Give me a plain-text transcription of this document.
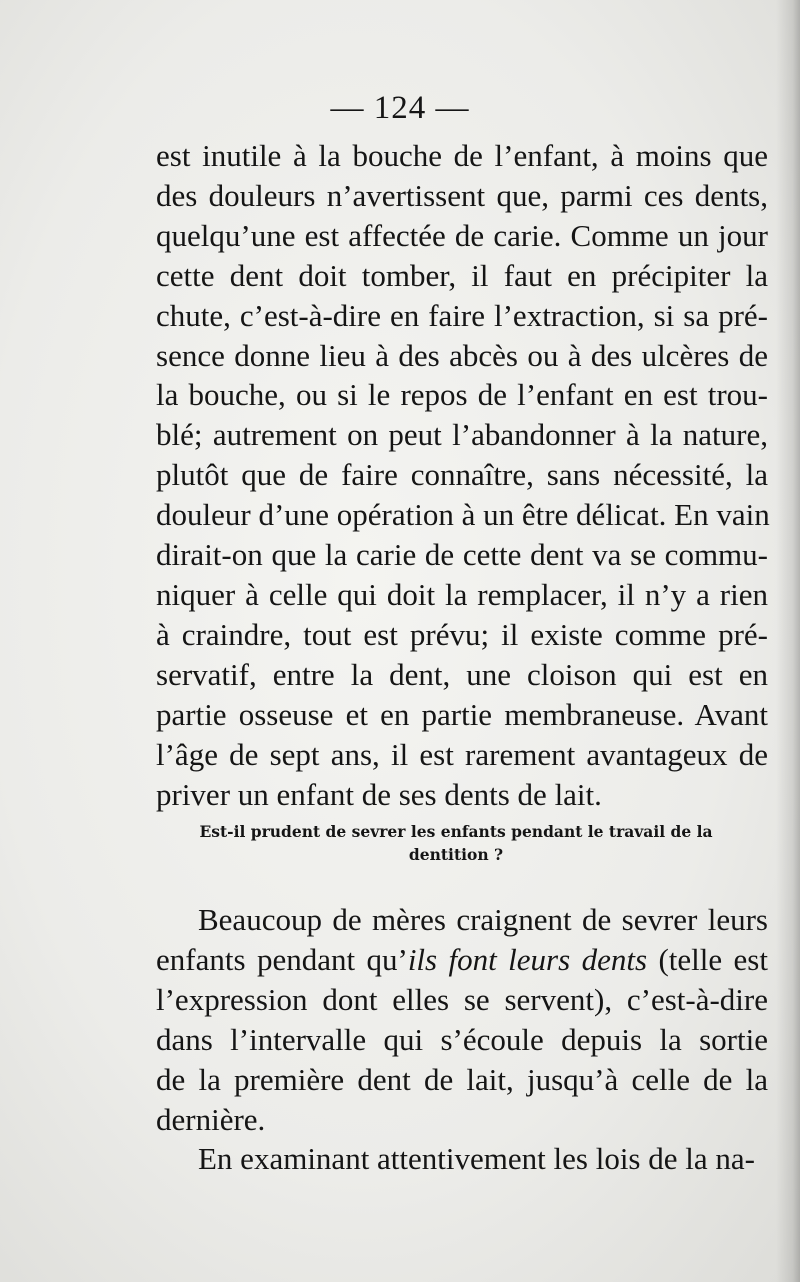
— 124 —
est inutile à la bouche de l’enfant, à moins que
des douleurs n’avertissent que, parmi ces dents,
quelqu’une est affectée de carie. Comme un jour
cette dent doit tomber, il faut en précipiter la
chute, c’est-à-dire en faire l’extraction, si sa pré-
sence donne lieu à des abcès ou à des ulcères de
la bouche, ou si le repos de l’enfant en est trou-
blé; autrement on peut l’abandonner à la nature,
plutôt que de faire connaître, sans nécessité, la
douleur d’une opération à un être délicat. En vain
dirait-on que la carie de cette dent va se commu-
niquer à celle qui doit la remplacer, il n’y a rien
à craindre, tout est prévu; il existe comme pré-
servatif, entre la dent, une cloison qui est en
partie osseuse et en partie membraneuse. Avant
l’âge de sept ans, il est rarement avantageux de
priver un enfant de ses dents de lait.
Est-il prudent de sevrer les enfants pendant le travail de la
dentition ?
Beaucoup de mères craignent de sevrer leurs
enfants pendant qu’ils font leurs dents (telle est
l’expression dont elles se servent), c’est-à-dire
dans l’intervalle qui s’écoule depuis la sortie
de la première dent de lait, jusqu’à celle de la
dernière.
En examinant attentivement les lois de la na-
